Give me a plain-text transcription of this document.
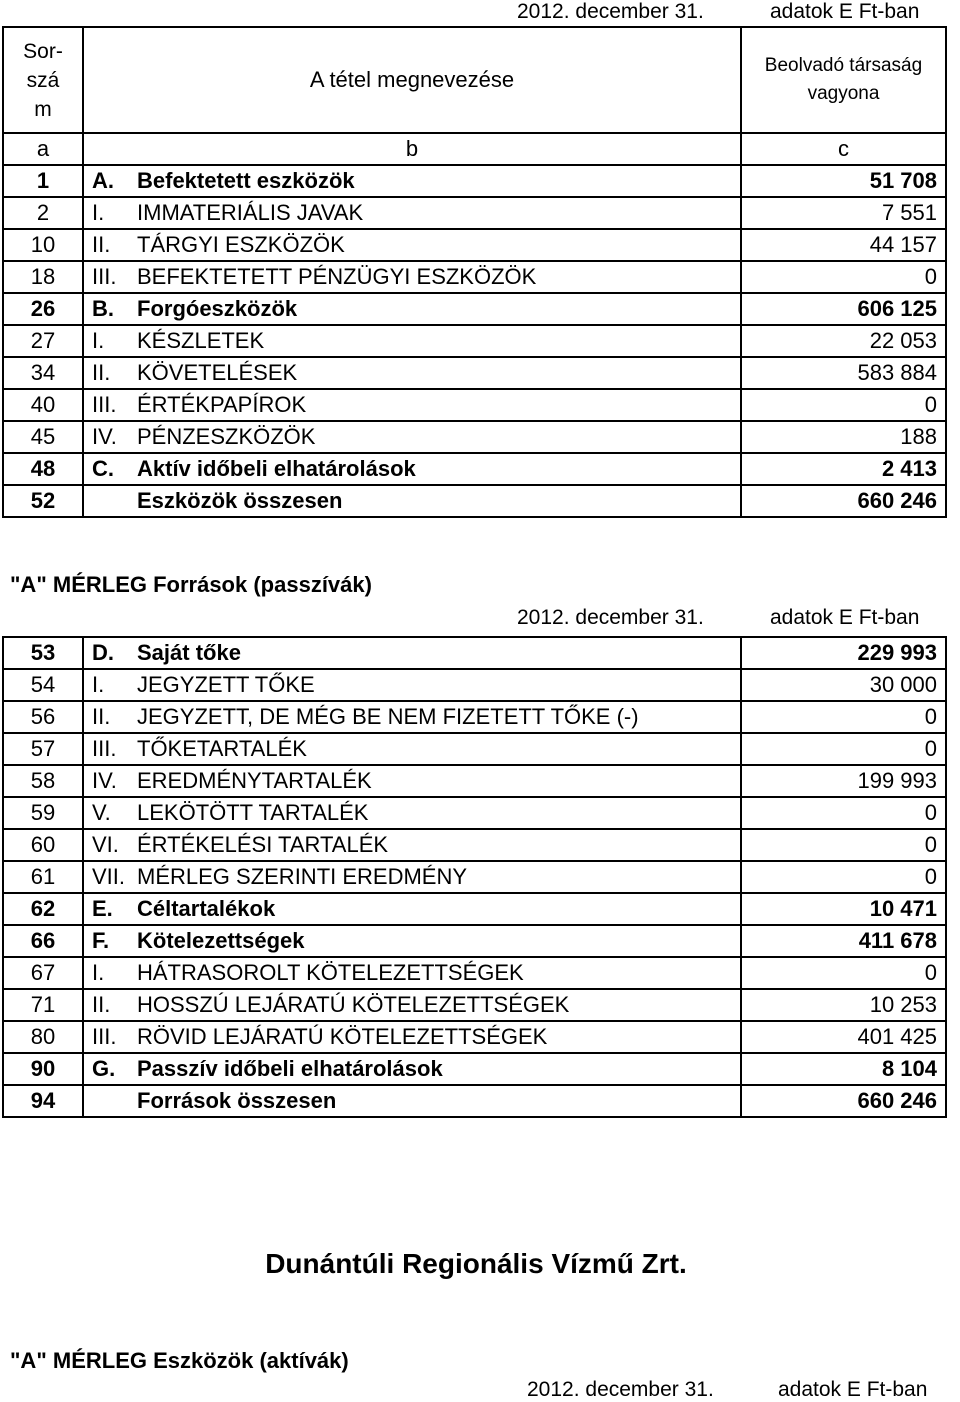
2012. december 31.	adatok E Ft-ban
Sor-
szá
m	A tétel megnevezése		Beolvadó társaság
vagyona
a	b		c
1	A.	Befektetett eszközök	51 708
2	I.	IMMATERIÁLIS JAVAK	7 551
10	II.	TÁRGYI ESZKÖZÖK	44 157
18	III.	BEFEKTETETT PÉNZÜGYI ESZKÖZÖK	0
26	B.	Forgóeszközök	606 125
27	I.	KÉSZLETEK	22 053
34	II.	KÖVETELÉSEK	583 884
40	III.	ÉRTÉKPAPÍROK	0
45	IV.	PÉNZESZKÖZÖK	188
48	C.	Aktív időbeli elhatárolások	2 413
52		Eszközök összesen	660 246
"A" MÉRLEG Források (passzívák)
2012. december 31.	adatok E Ft-ban
53	D.	Saját tőke	229 993
54	I.	JEGYZETT TŐKE	30 000
56	II.	JEGYZETT, DE MÉG BE NEM FIZETETT TŐKE (-)	0
57	III.	TŐKETARTALÉK	0
58	IV.	EREDMÉNYTARTALÉK	199 993
59	V.	LEKÖTÖTT TARTALÉK	0
60	VI.	ÉRTÉKELÉSI TARTALÉK	0
61	VII.	MÉRLEG SZERINTI EREDMÉNY	0
62	E.	Céltartalékok	10 471
66	F.	Kötelezettségek	411 678
67	I.	HÁTRASOROLT KÖTELEZETTSÉGEK	0
71	II.	HOSSZÚ LEJÁRATÚ KÖTELEZETTSÉGEK	10 253
80	III.	RÖVID LEJÁRATÚ KÖTELEZETTSÉGEK	401 425
90	G.	Passzív időbeli elhatárolások	8 104
94		Források összesen	660 246
Dunántúli Regionális Vízmű Zrt.
"A" MÉRLEG Eszközök (aktívák)
2012. december 31.	adatok E Ft-ban
